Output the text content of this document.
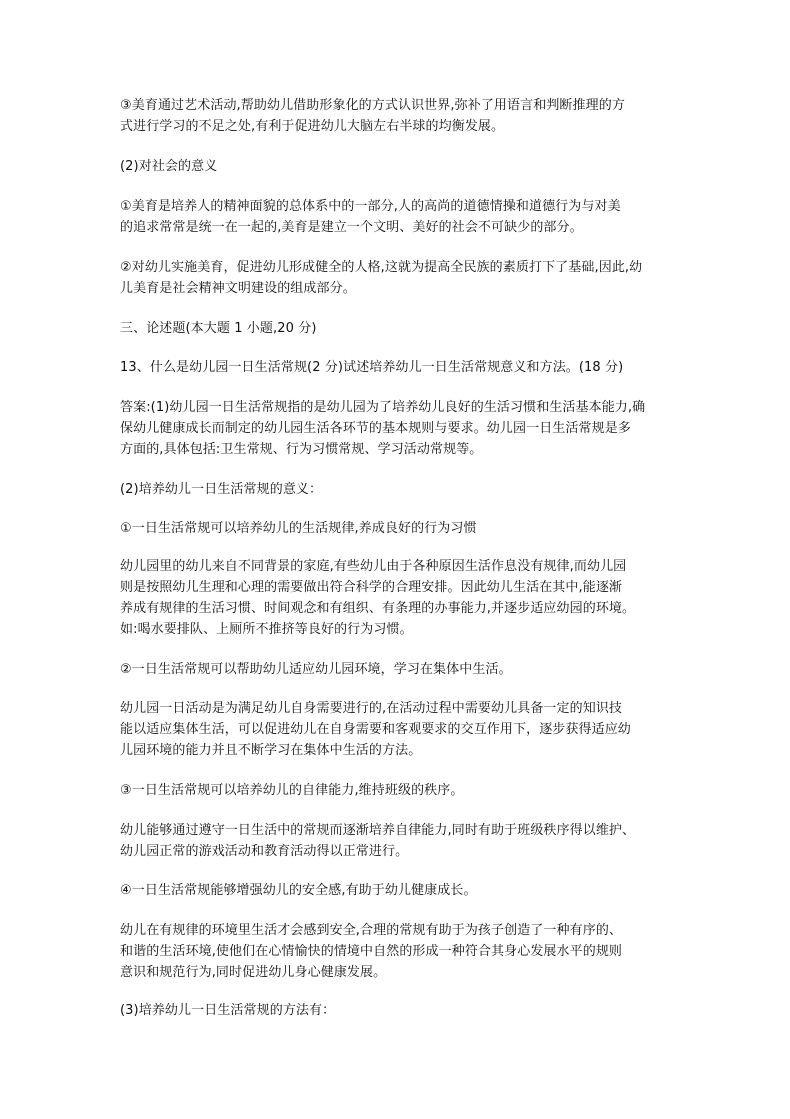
③美育通过艺术活动,帮助幼儿借助形象化的方式认识世界,弥补了用语言和判断推理的方
式进行学习的不足之处,有利于促进幼儿大脑左右半球的均衡发展。
(2)对社会的意义
①美育是培养人的精神面貌的总体系中的一部分,人的高尚的道德情操和道德行为与对美
的追求常常是统一在一起的,美育是建立一个文明、美好的社会不可缺少的部分。
②对幼儿实施美育，促进幼儿形成健全的人格,这就为提高全民族的素质打下了基础,因此,幼
儿美育是社会精神文明建设的组成部分。
三、论述题(本大题 1 小题,20 分)
13、什么是幼儿园一日生活常规(2 分)试述培养幼儿一日生活常规意义和方法。(18 分)
答案:(1)幼儿园一日生活常规指的是幼儿园为了培养幼儿良好的生活习惯和生活基本能力,确
保幼儿健康成长而制定的幼儿园生活各环节的基本规则与要求。幼儿园一日生活常规是多
方面的,具体包括:卫生常规、行为习惯常规、学习活动常规等。
(2)培养幼儿一日生活常规的意义：
①一日生活常规可以培养幼儿的生活规律,养成良好的行为习惯
幼儿园里的幼儿来自不同背景的家庭,有些幼儿由于各种原因生活作息没有规律,而幼儿园
则是按照幼儿生理和心理的需要做出符合科学的合理安排。因此幼儿生活在其中,能逐渐
养成有规律的生活习惯、时间观念和有组织、有条理的办事能力,并逐步适应幼园的环境。
如:喝水要排队、上厕所不推挤等良好的行为习惯。
②一日生活常规可以帮助幼儿适应幼儿园环境，学习在集体中生活。
幼儿园一日活动是为满足幼儿自身需要进行的,在活动过程中需要幼儿具备一定的知识技
能以适应集体生活，可以促进幼儿在自身需要和客观要求的交互作用下，逐步获得适应幼
儿园环境的能力并且不断学习在集体中生活的方法。
③一日生活常规可以培养幼儿的自律能力,维持班级的秩序。
幼儿能够通过遵守一日生活中的常规而逐渐培养自律能力,同时有助于班级秩序得以维护、
幼儿园正常的游戏活动和教育活动得以正常进行。
④一日生活常规能够增强幼儿的安全感,有助于幼儿健康成长。
幼儿在有规律的环境里生活才会感到安全,合理的常规有助于为孩子创造了一种有序的、
和谐的生活环境,使他们在心情愉快的情境中自然的形成一种符合其身心发展水平的规则
意识和规范行为,同时促进幼儿身心健康发展。
(3)培养幼儿一日生活常规的方法有：
